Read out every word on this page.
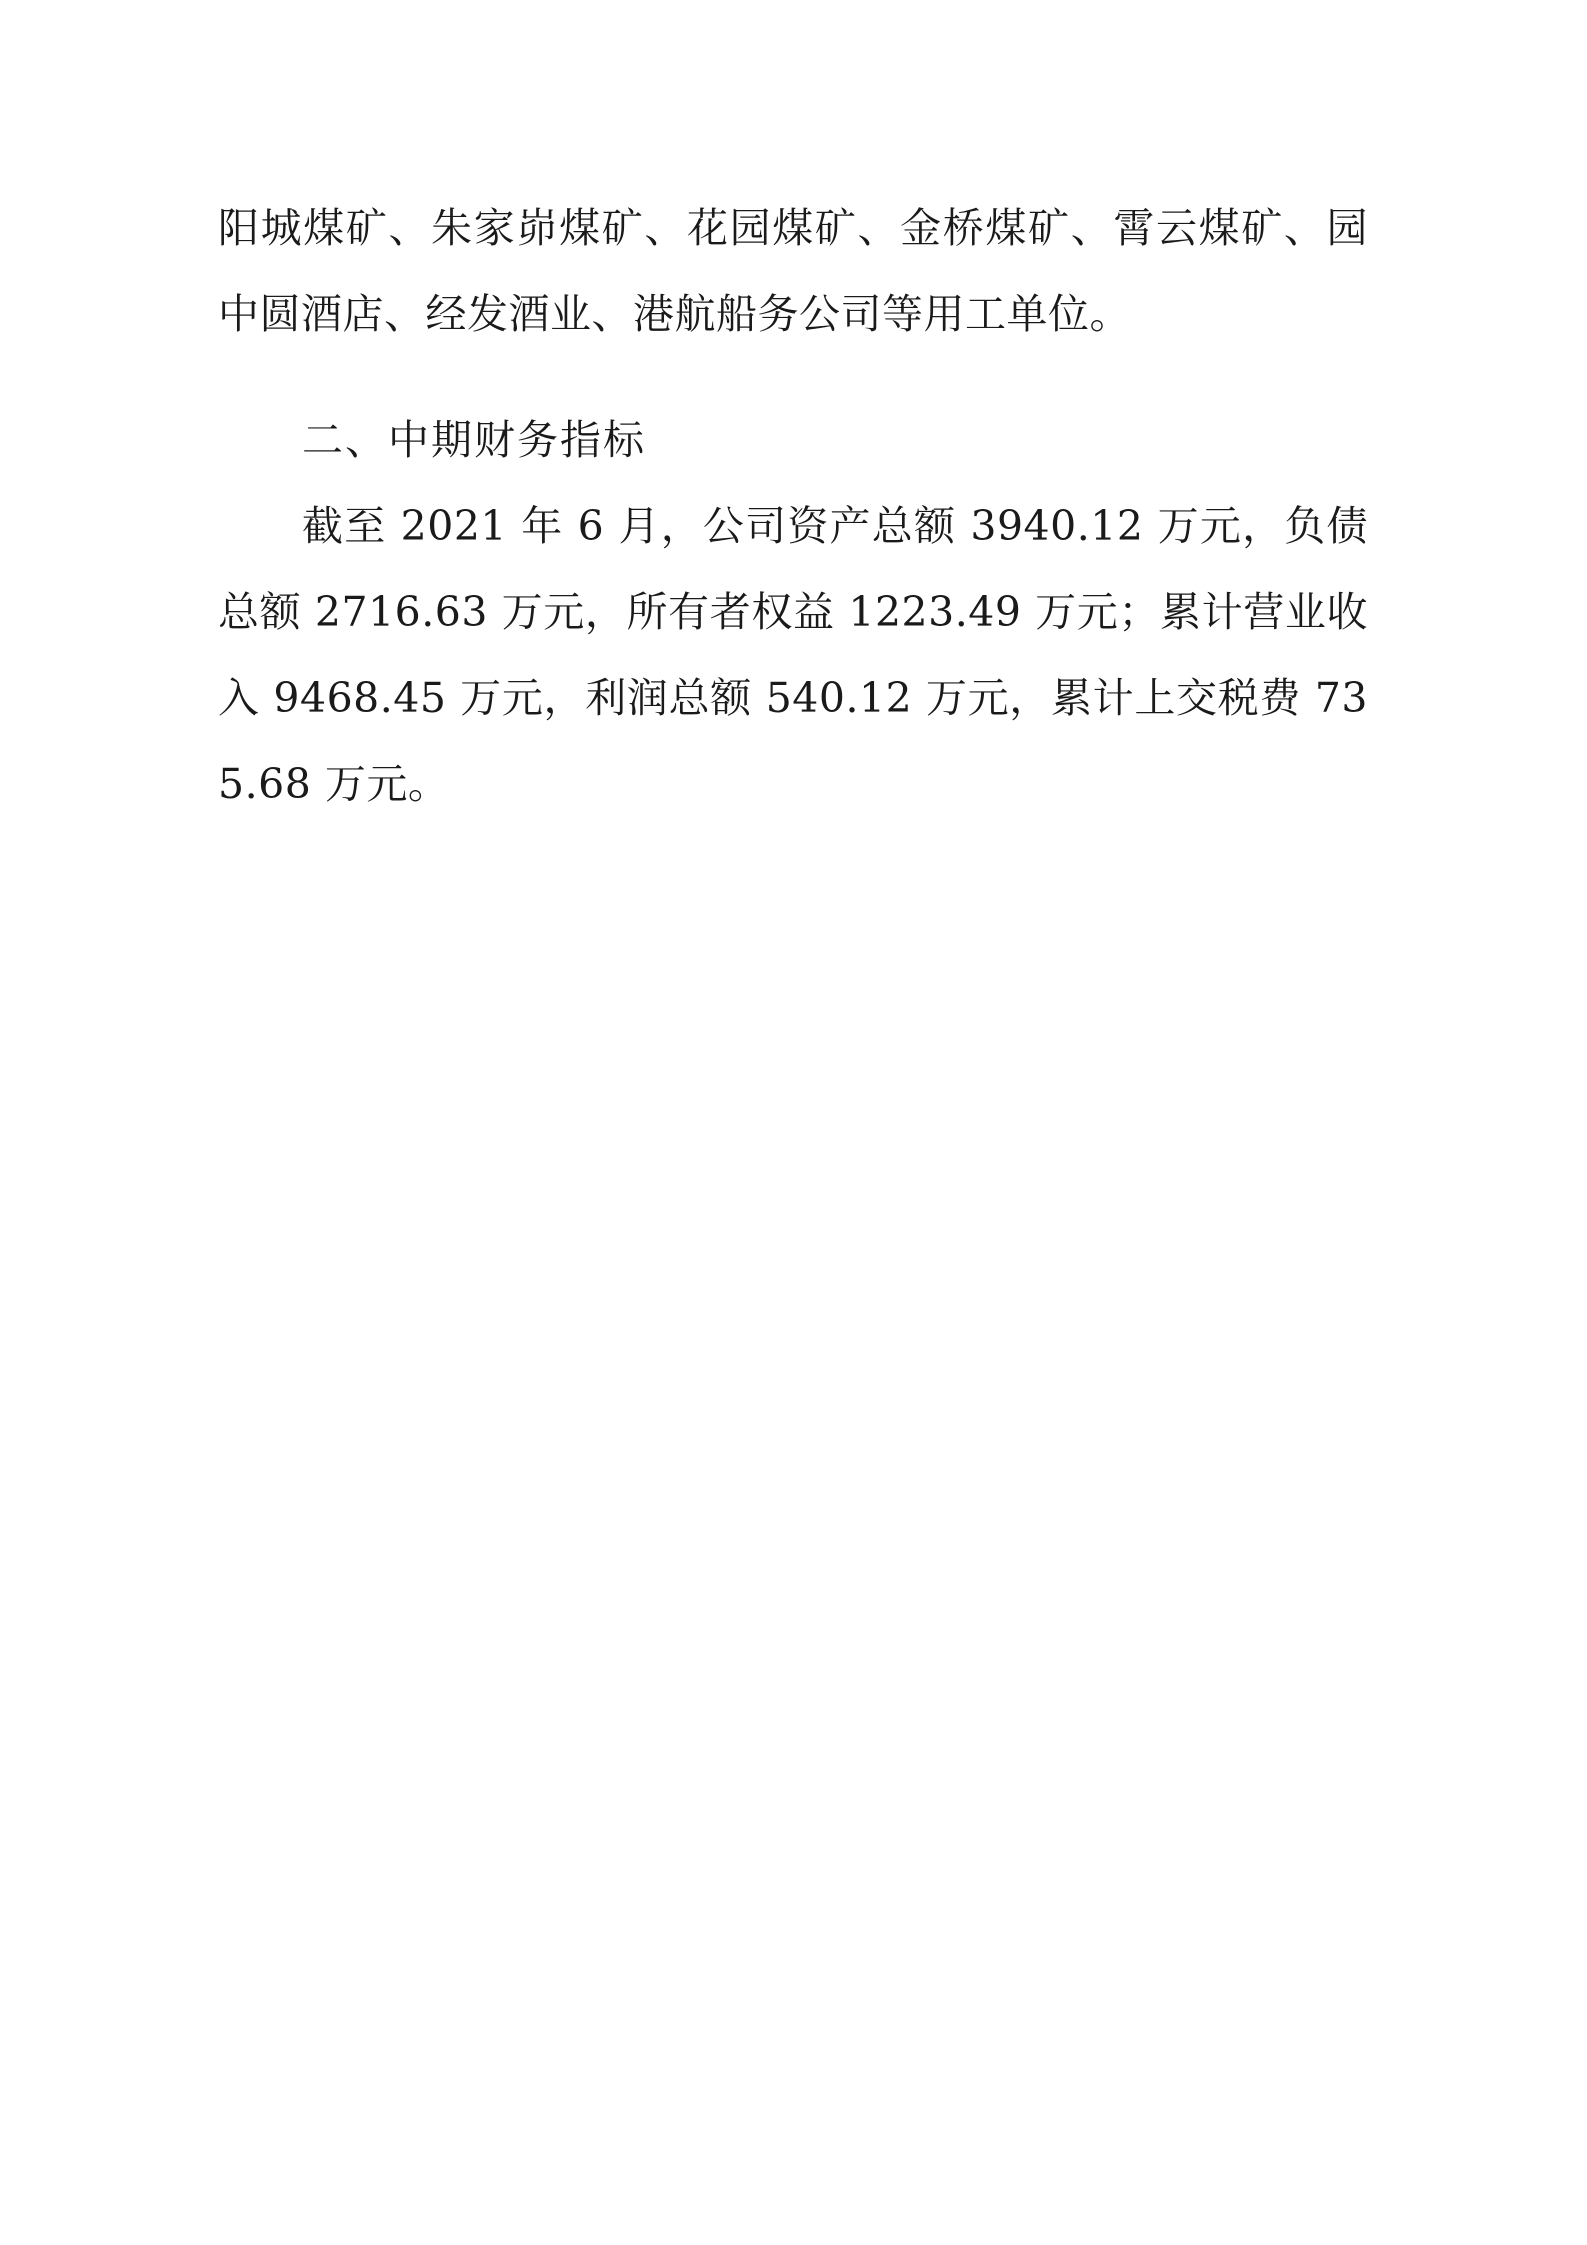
阳城煤矿、朱家峁煤矿、花园煤矿、金桥煤矿、霄云煤矿、园中圆酒店、经发酒业、港航船务公司等用工单位。

二、中期财务指标

截至 2021 年 6 月，公司资产总额 3940.12 万元，负债总额 2716.63 万元，所有者权益 1223.49 万元；累计营业收入 9468.45 万元，利润总额 540.12 万元，累计上交税费 735.68 万元。
